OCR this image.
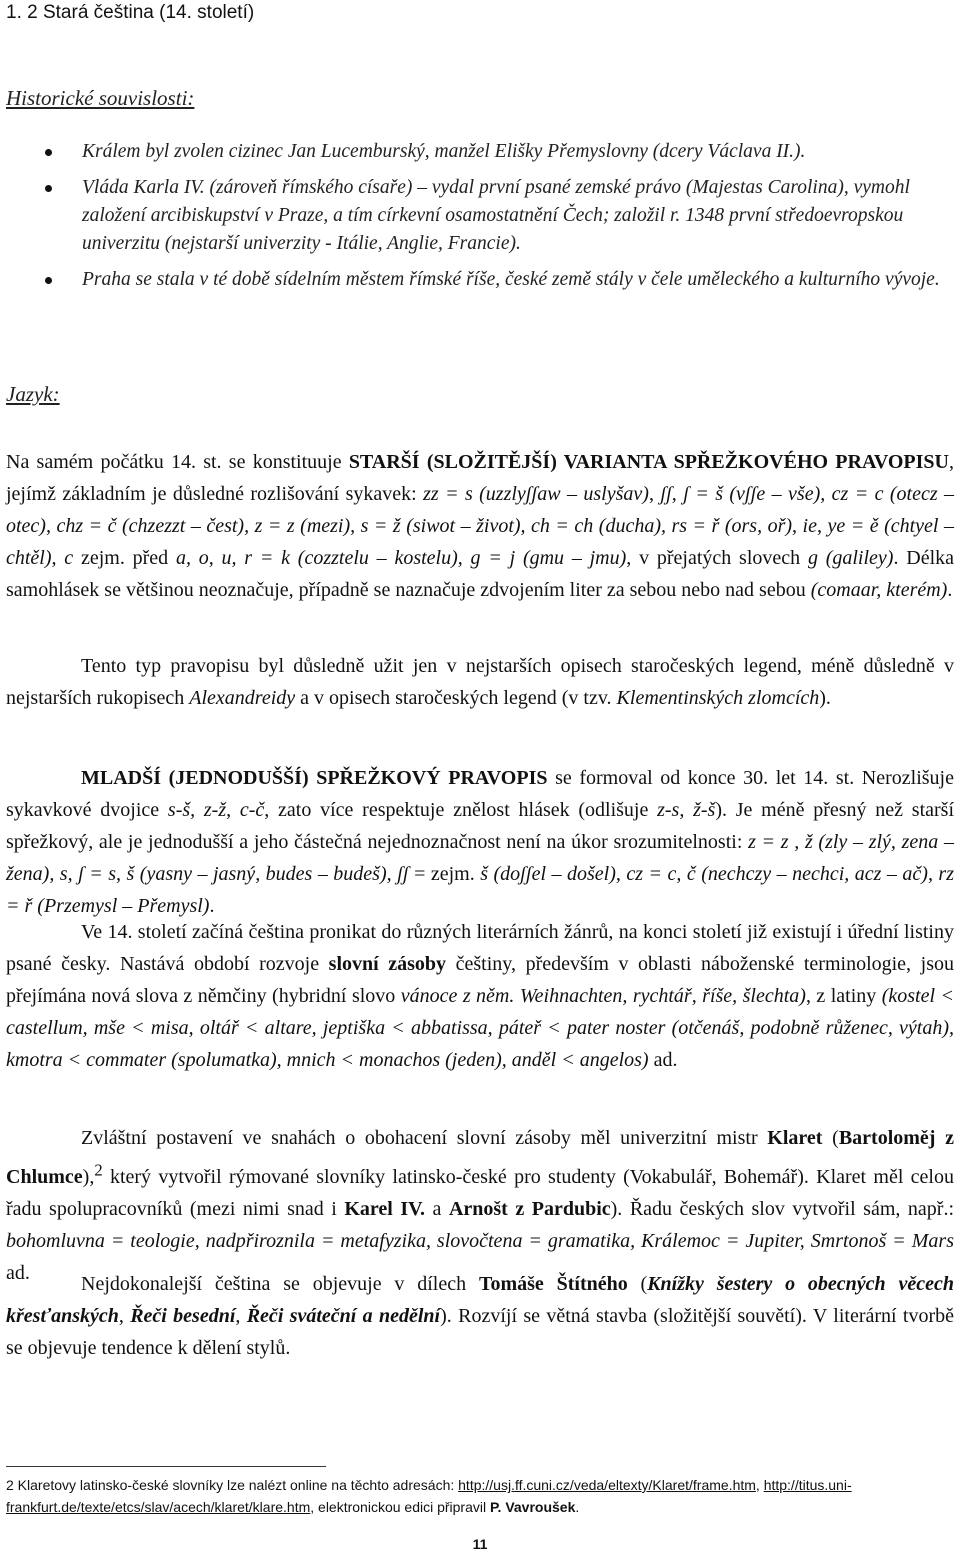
1. 2 Stará čeština (14. století)
Historické souvislosti:
Králem byl zvolen cizinec Jan Lucemburský, manžel Elišky Přemyslovny (dcery Václava II.).
Vláda Karla IV. (zároveň římského císaře) – vydal první psané zemské právo (Majestas Carolina), vymohl založení arcibiskupství v Praze, a tím církevní osamostatnění Čech; založil r. 1348 první středoevropskou univerzitu (nejstarší univerzity - Itálie, Anglie, Francie).
Praha se stala v té době sídelním městem římské říše, české země stály v čele uměleckého a kulturního vývoje.
Jazyk:

Na samém počátku 14. st. se konstituuje STARŠÍ (SLOŽITĚJŠÍ) VARIANTA SPŘEŽKOVÉHO PRAVOPISU, jejímž základním je důsledné rozlišování sykavek: zz = s (uzzlyʃʃaw – uslyšav), ʃʃ, ʃ = š (vʃʃe – vše), cz = c (otecz – otec), chz = č (chzezzt – čest), z = z (mezi), s = ž (siwot – život), ch = ch (ducha), rs = ř (ors, oř), ie, ye = ě (chtyel – chtěl), c zejm. před a, o, u, r = k (cozztelu – kostelu), g = j (gmu – jmu), v přejatých slovech g (galiley). Délka samohlásek se většinou neoznačuje, případně se naznačuje zdvojením liter za sebou nebo nad sebou (comaar, kterém).

Tento typ pravopisu byl důsledně užit jen v nejstarších opisech staročeských legend, méně důsledně v nejstarších rukopisech Alexandreidy a v opisech staročeských legend (v tzv. Klementinských zlomcích).

MLADŠÍ (JEDNODUŠŠÍ) SPŘEŽKOVÝ PRAVOPIS se formoval od konce 30. let 14. st. Nerozlišuje sykavkové dvojice s-š, z-ž, c-č, zato více respektuje znělost hlásek (odlišuje z-s, ž-š). Je méně přesný než starší spřežkový, ale je jednodušší a jeho částečná nejednoznačnost není na úkor srozumitelnosti: z = z , ž (zly – zlý, zena – žena), s, ʃ = s, š (yasny – jasný, budes – budeš), ʃʃ = zejm. š (doʃʃel – došel), cz = c, č (nechczy – nechci, acz – ač), rz = ř (Przemysl – Přemysl).

Ve 14. století začíná čeština pronikat do různých literárních žánrů, na konci století již existují i úřední listiny psané česky. Nastává období rozvoje slovní zásoby češtiny, především v oblasti náboženské terminologie, jsou přejímána nová slova z němčiny (hybridní slovo vánoce z něm. Weihnachten, rychtář, říše, šlechta), z latiny (kostel < castellum, mše < misa, oltář < altare, jeptiška < abbatissa, páteř < pater noster (otčenáš, podobně růženec, výtah), kmotra < commater (spolumatka), mnich < monachos (jeden), anděl < angelos) ad.

Zvláštní postavení ve snahách o obohacení slovní zásoby měl univerzitní mistr Klaret (Bartoloměj z Chlumce),$^2$ který vytvořil rýmované slovníky latinsko-české pro studenty (Vokabulář, Bohemář). Klaret měl celou řadu spolupracovníků (mezi nimi snad i Karel IV. a Arnošt z Pardubic). Řadu českých slov vytvořil sám, např.: bohomluvna = teologie, nadpřiroznila = metafyzika, slovočtena = gramatika, Králemoc = Jupiter, Smrtonoš = Mars ad.

Nejdokonalejší čeština se objevuje v dílech Tomáše Štítného (Knížky šestery o obecných věcech křesťanských, Řeči besední, Řeči sváteční a nedělní). Rozvíjí se větná stavba (složitější souvětí). V literární tvorbě se objevuje tendence k dělení stylů.

2 Klaretovy latinsko-české slovníky lze nalézt online na těchto adresách: http://usj.ff.cuni.cz/veda/eltexty/Klaret/frame.htm, http://titus.uni-frankfurt.de/texte/etcs/slav/acech/klaret/klare.htm, elektronickou edici připravil P. Vavroušek.
11
